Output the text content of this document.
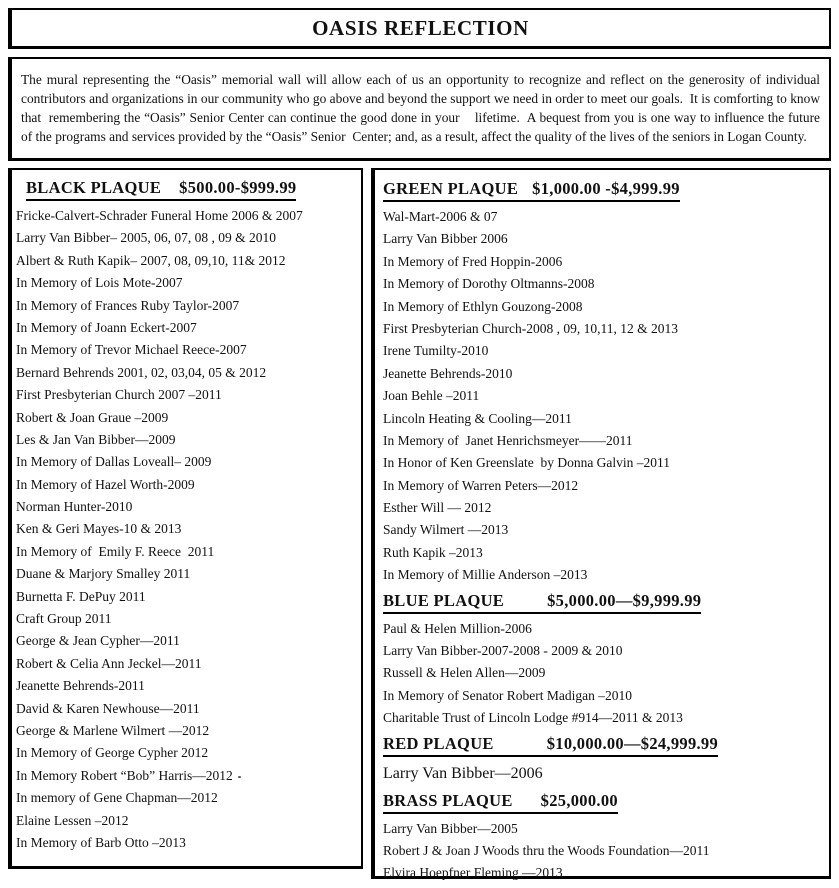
OASIS REFLECTION
The mural representing the “Oasis” memorial wall will allow each of us an opportunity to recognize and reflect on the generosity of individual contributors and organizations in our community who go above and beyond the support we need in order to meet our goals.  It is comforting to know that  remembering the “Oasis” Senior Center can continue the good done in your    lifetime.  A bequest from you is one way to influence the future of the programs and services provided by the “Oasis” Senior  Center; and, as a result, affect the quality of the lives of the seniors in Logan County.
BLACK PLAQUE $500.00-$999.99
Fricke-Calvert-Schrader Funeral Home 2006 & 2007
Larry Van Bibber– 2005, 06, 07, 08 , 09 & 2010
Albert & Ruth Kapik– 2007, 08, 09,10, 11& 2012
In Memory of Lois Mote-2007
In Memory of Frances Ruby Taylor-2007
In Memory of Joann Eckert-2007
In Memory of Trevor Michael Reece-2007
Bernard Behrends 2001, 02, 03,04, 05 & 2012
First Presbyterian Church 2007 –2011
Robert & Joan Graue –2009
Les & Jan Van Bibber—2009
In Memory of Dallas Loveall– 2009
In Memory of Hazel Worth-2009
Norman Hunter-2010
Ken & Geri Mayes-10 & 2013
In Memory of  Emily F. Reece  2011
Duane & Marjory Smalley 2011
Burnetta F. DePuy 2011
Craft Group 2011
George & Jean Cypher—2011
Robert & Celia Ann Jeckel—2011
Jeanette Behrends-2011
David & Karen Newhouse—2011
George & Marlene Wilmert —2012
In Memory of George Cypher 2012
In Memory Robert “Bob” Harris—2012
In memory of Gene Chapman—2012
Elaine Lessen –2012
In Memory of Barb Otto –2013
GREEN PLAQUE $1,000.00 -$4,999.99
Wal-Mart-2006 & 07
Larry Van Bibber 2006
In Memory of Fred Hoppin-2006
In Memory of Dorothy Oltmanns-2008
In Memory of Ethlyn Gouzong-2008
First Presbyterian Church-2008 , 09, 10,11, 12 & 2013
Irene Tumilty-2010
Jeanette Behrends-2010
Joan Behle –2011
Lincoln Heating & Cooling—2011
In Memory of  Janet Henrichsmeyer——2011
In Honor of Ken Greenslate  by Donna Galvin –2011
In Memory of Warren Peters—2012
Esther Will — 2012
Sandy Wilmert —2013
Ruth Kapik –2013
In Memory of Millie Anderson –2013
BLUE PLAQUE	$5,000.00—$9,999.99
Paul & Helen Million-2006
Larry Van Bibber-2007-2008 - 2009 & 2010
Russell & Helen Allen—2009
In Memory of Senator Robert Madigan –2010
Charitable Trust of Lincoln Lodge #914—2011 & 2013
RED PLAQUE	$10,000.00—$24,999.99
Larry Van Bibber—2006
BRASS PLAQUE $25,000.00
Larry Van Bibber—2005
Robert J & Joan J Woods thru the Woods Foundation—2011
Elvira Hoepfner Fleming —2013
